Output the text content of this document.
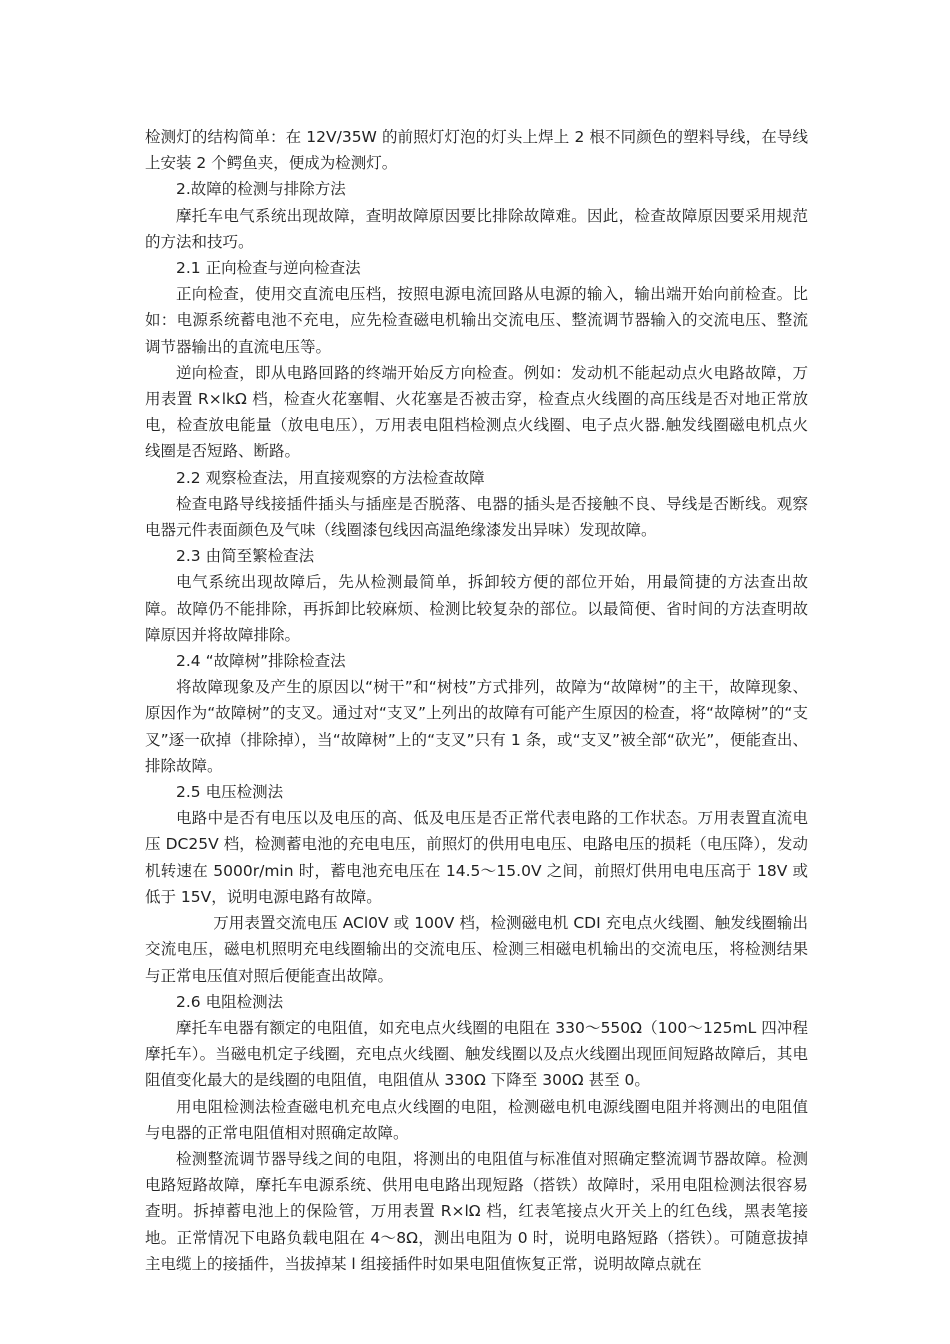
检测灯的结构简单：在 12V/35W 的前照灯灯泡的灯头上焊上 2 根不同颜色的塑料导线，在导线上安装 2 个鳄鱼夹，便成为检测灯。

2.故障的检测与排除方法

摩托车电气系统出现故障，查明故障原因要比排除故障难。因此，检查故障原因要采用规范的方法和技巧。

2.1 正向检查与逆向检查法

正向检查，使用交直流电压档，按照电源电流回路从电源的输入，输出端开始向前检查。比如：电源系统蓄电池不充电，应先检查磁电机输出交流电压、整流调节器输入的交流电压、整流调节器输出的直流电压等。

逆向检查，即从电路回路的终端开始反方向检查。例如：发动机不能起动点火电路故障，万用表置 R×lkΩ 档，检查火花塞帽、火花塞是否被击穿，检查点火线圈的高压线是否对地正常放电，检查放电能量（放电电压），万用表电阻档检测点火线圈、电子点火器.触发线圈磁电机点火线圈是否短路、断路。

2.2 观察检查法，用直接观察的方法检查故障

检查电路导线接插件插头与插座是否脱落、电器的插头是否接触不良、导线是否断线。观察电器元件表面颜色及气味（线圈漆包线因高温绝缘漆发出异味）发现故障。

2.3 由简至繁检查法

电气系统出现故障后，先从检测最简单，拆卸较方便的部位开始，用最简捷的方法查出故障。故障仍不能排除，再拆卸比较麻烦、检测比较复杂的部位。以最简便、省时间的方法查明故障原因并将故障排除。

2.4 “故障树”排除检查法

将故障现象及产生的原因以“树干”和“树枝”方式排列，故障为“故障树”的主干，故障现象、原因作为“故障树”的支叉。通过对“支叉”上列出的故障有可能产生原因的检查，将“故障树”的“支叉”逐一砍掉（排除掉），当“故障树”上的“支叉”只有 1 条，或“支叉”被全部“砍光”，便能查出、排除故障。

2.5 电压检测法

电路中是否有电压以及电压的高、低及电压是否正常代表电路的工作状态。万用表置直流电压 DC25V 档，检测蓄电池的充电电压，前照灯的供用电电压、电路电压的损耗（电压降），发动机转速在 5000r/min 时，蓄电池充电压在 14.5～15.0V 之间，前照灯供用电电压高于 18V 或低于 15V，说明电源电路有故障。

万用表置交流电压 ACl0V 或 100V 档，检测磁电机 CDI 充电点火线圈、触发线圈输出交流电压，磁电机照明充电线圈输出的交流电压、检测三相磁电机输出的交流电压，将检测结果与正常电压值对照后便能查出故障。

2.6 电阻检测法

摩托车电器有额定的电阻值，如充电点火线圈的电阻在 330～550Ω（100～125mL 四冲程摩托车）。当磁电机定子线圈，充电点火线圈、触发线圈以及点火线圈出现匝间短路故障后，其电阻值变化最大的是线圈的电阻值，电阻值从 330Ω 下降至 300Ω 甚至 0。

用电阻检测法检查磁电机充电点火线圈的电阻，检测磁电机电源线圈电阻并将测出的电阻值与电器的正常电阻值相对照确定故障。

检测整流调节器导线之间的电阻，将测出的电阻值与标准值对照确定整流调节器故障。检测电路短路故障，摩托车电源系统、供用电电路出现短路（搭铁）故障时，采用电阻检测法很容易查明。拆掉蓄电池上的保险管，万用表置 R×lΩ 档，红表笔接点火开关上的红色线，黑表笔接地。正常情况下电路负载电阻在 4～8Ω，测出电阻为 0 时，说明电路短路（搭铁）。可随意拔掉主电缆上的接插件，当拔掉某 l 组接插件时如果电阻值恢复正常，说明故障点就在
